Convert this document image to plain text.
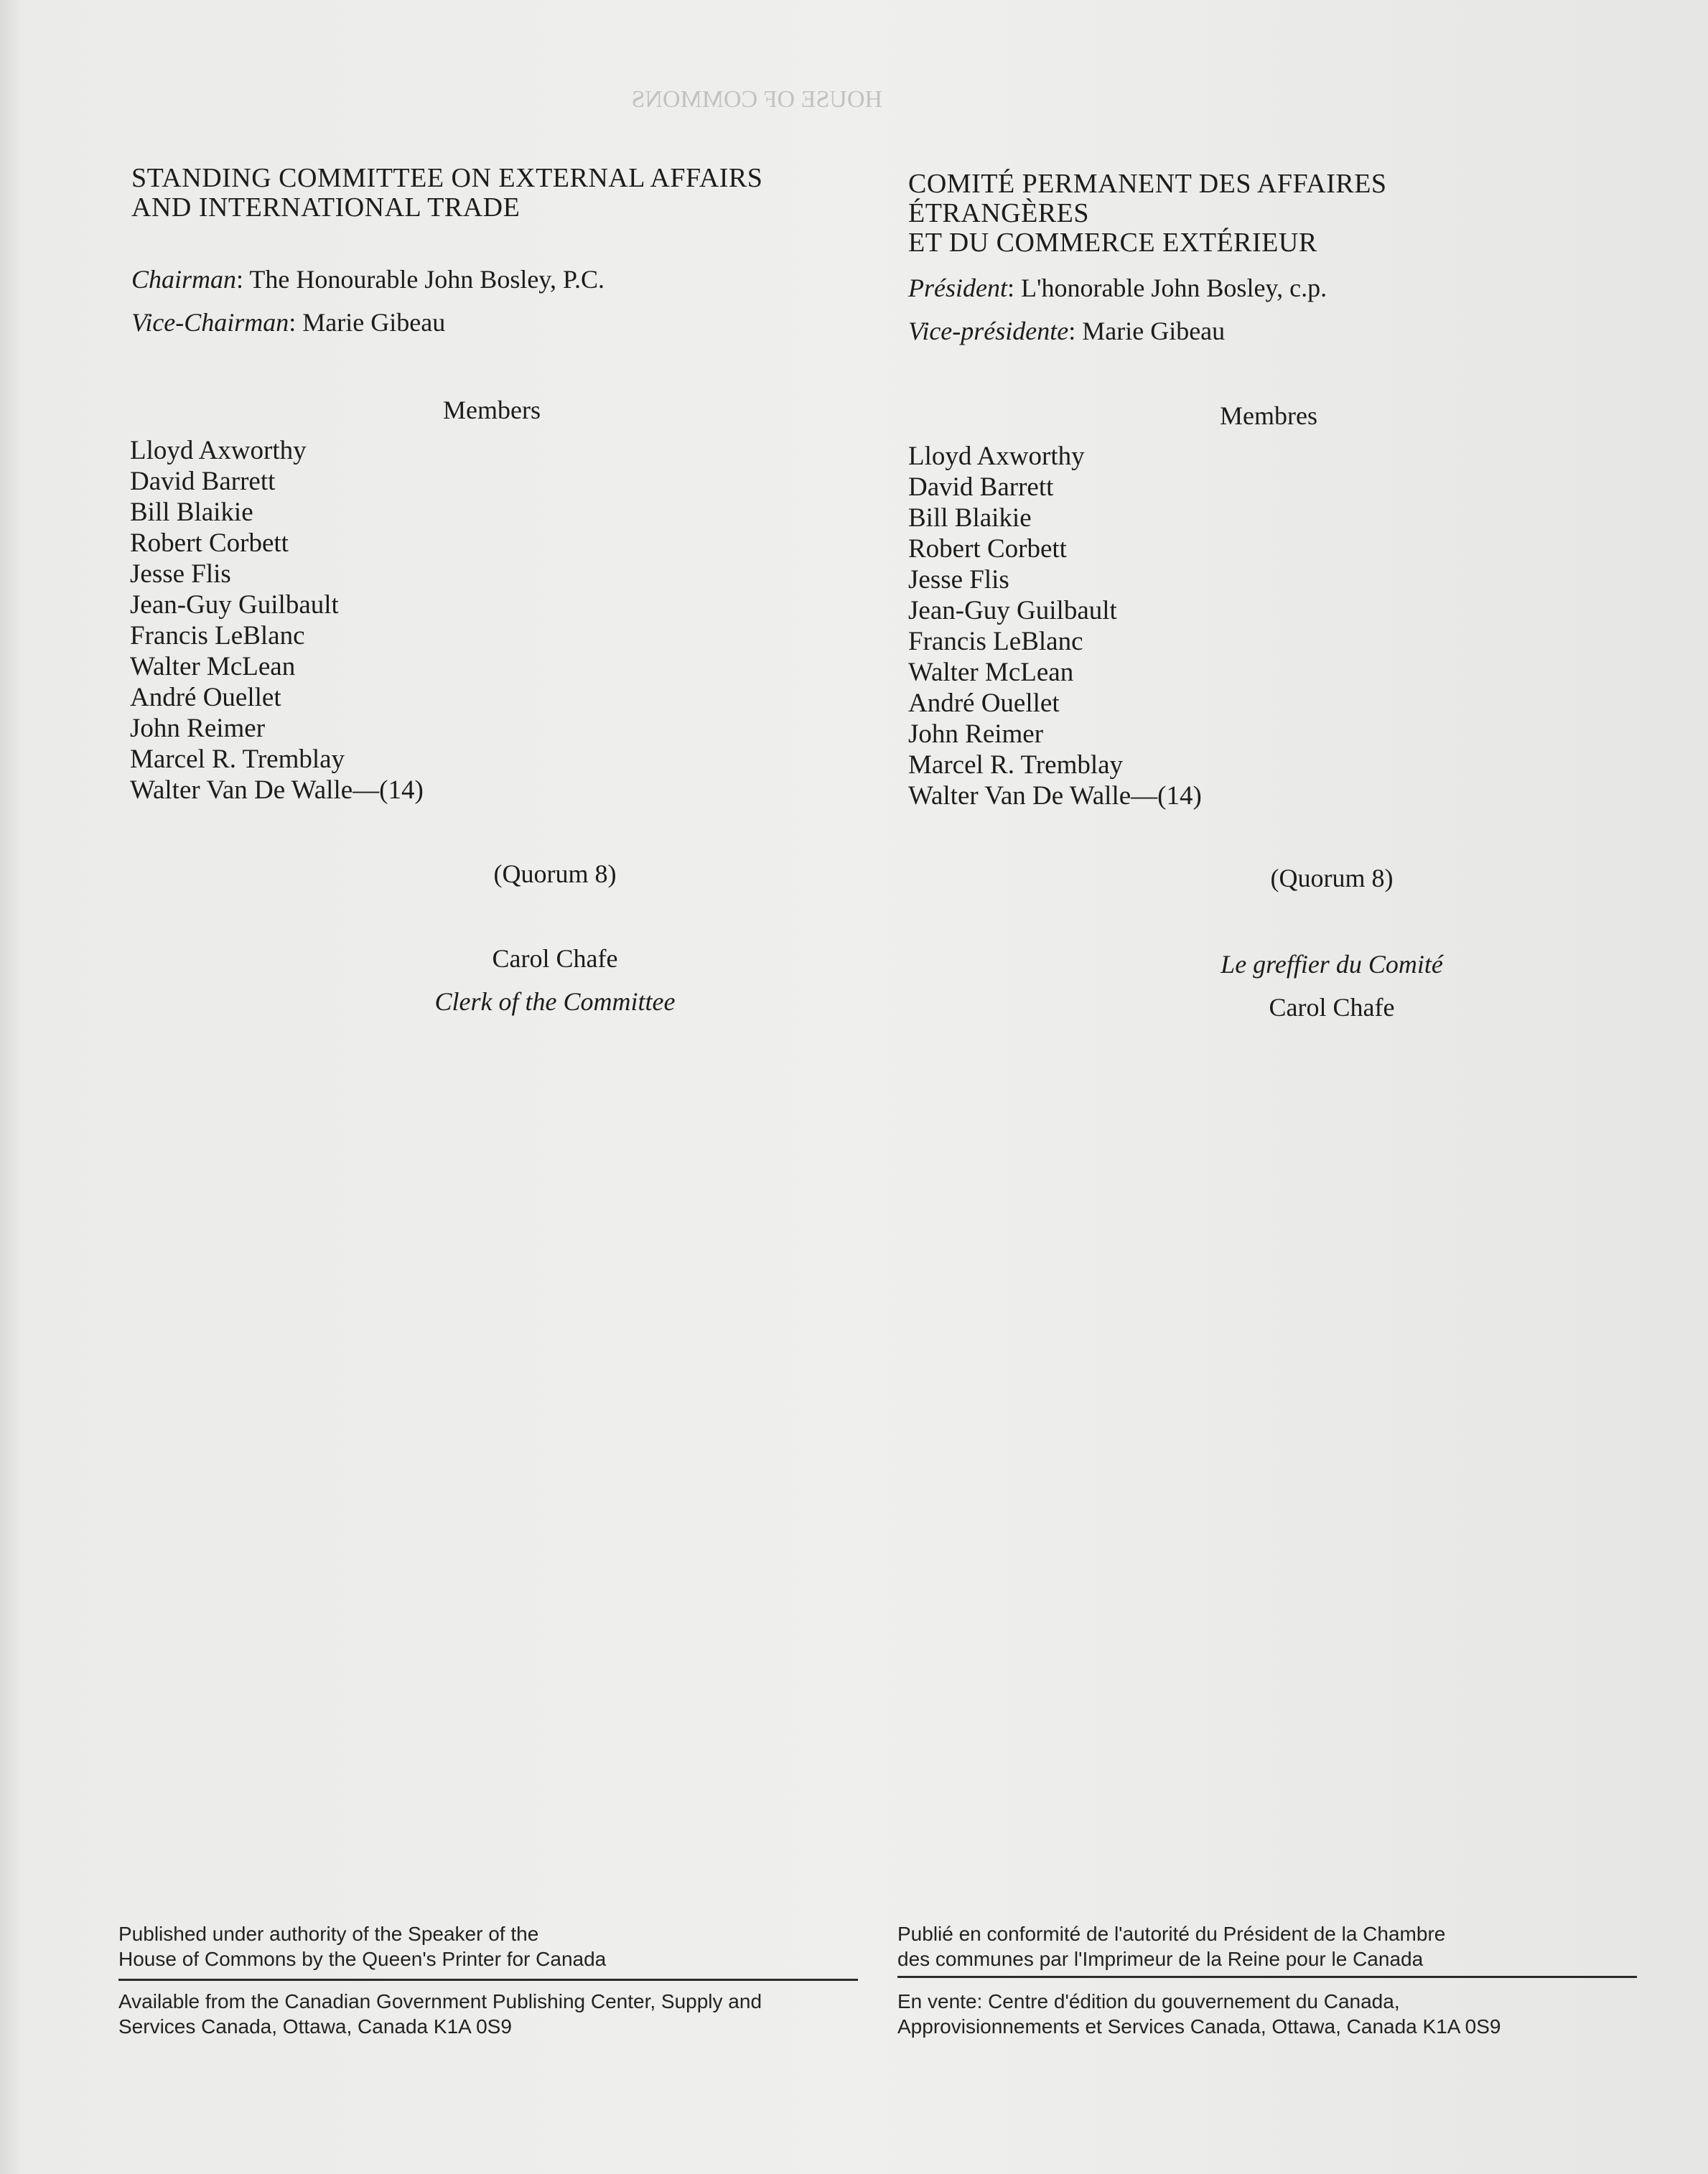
HOUSE OF COMMONS

STANDING COMMITTEE ON EXTERNAL AFFAIRS
AND INTERNATIONAL TRADE
Chairman: The Honourable John Bosley, P.C.
Vice-Chairman: Marie Gibeau
Members
Lloyd Axworthy
David Barrett
Bill Blaikie
Robert Corbett
Jesse Flis
Jean-Guy Guilbault
Francis LeBlanc
Walter McLean
André Ouellet
John Reimer
Marcel R. Tremblay
Walter Van De Walle—(14)
(Quorum 8)
Carol Chafe
Clerk of the Committee
COMITÉ PERMANENT DES AFFAIRES
ÉTRANGÈRES
ET DU COMMERCE EXTÉRIEUR
Président: L'honorable John Bosley, c.p.
Vice-présidente: Marie Gibeau
Membres
Lloyd Axworthy
David Barrett
Bill Blaikie
Robert Corbett
Jesse Flis
Jean-Guy Guilbault
Francis LeBlanc
Walter McLean
André Ouellet
John Reimer
Marcel R. Tremblay
Walter Van De Walle—(14)
(Quorum 8)
Le greffier du Comité
Carol Chafe
Published under authority of the Speaker of the
House of Commons by the Queen's Printer for Canada
Available from the Canadian Government Publishing Center, Supply and
Services Canada, Ottawa, Canada K1A 0S9
Publié en conformité de l'autorité du Président de la Chambre
des communes par l'Imprimeur de la Reine pour le Canada
En vente: Centre d'édition du gouvernement du Canada,
Approvisionnements et Services Canada, Ottawa, Canada K1A 0S9
